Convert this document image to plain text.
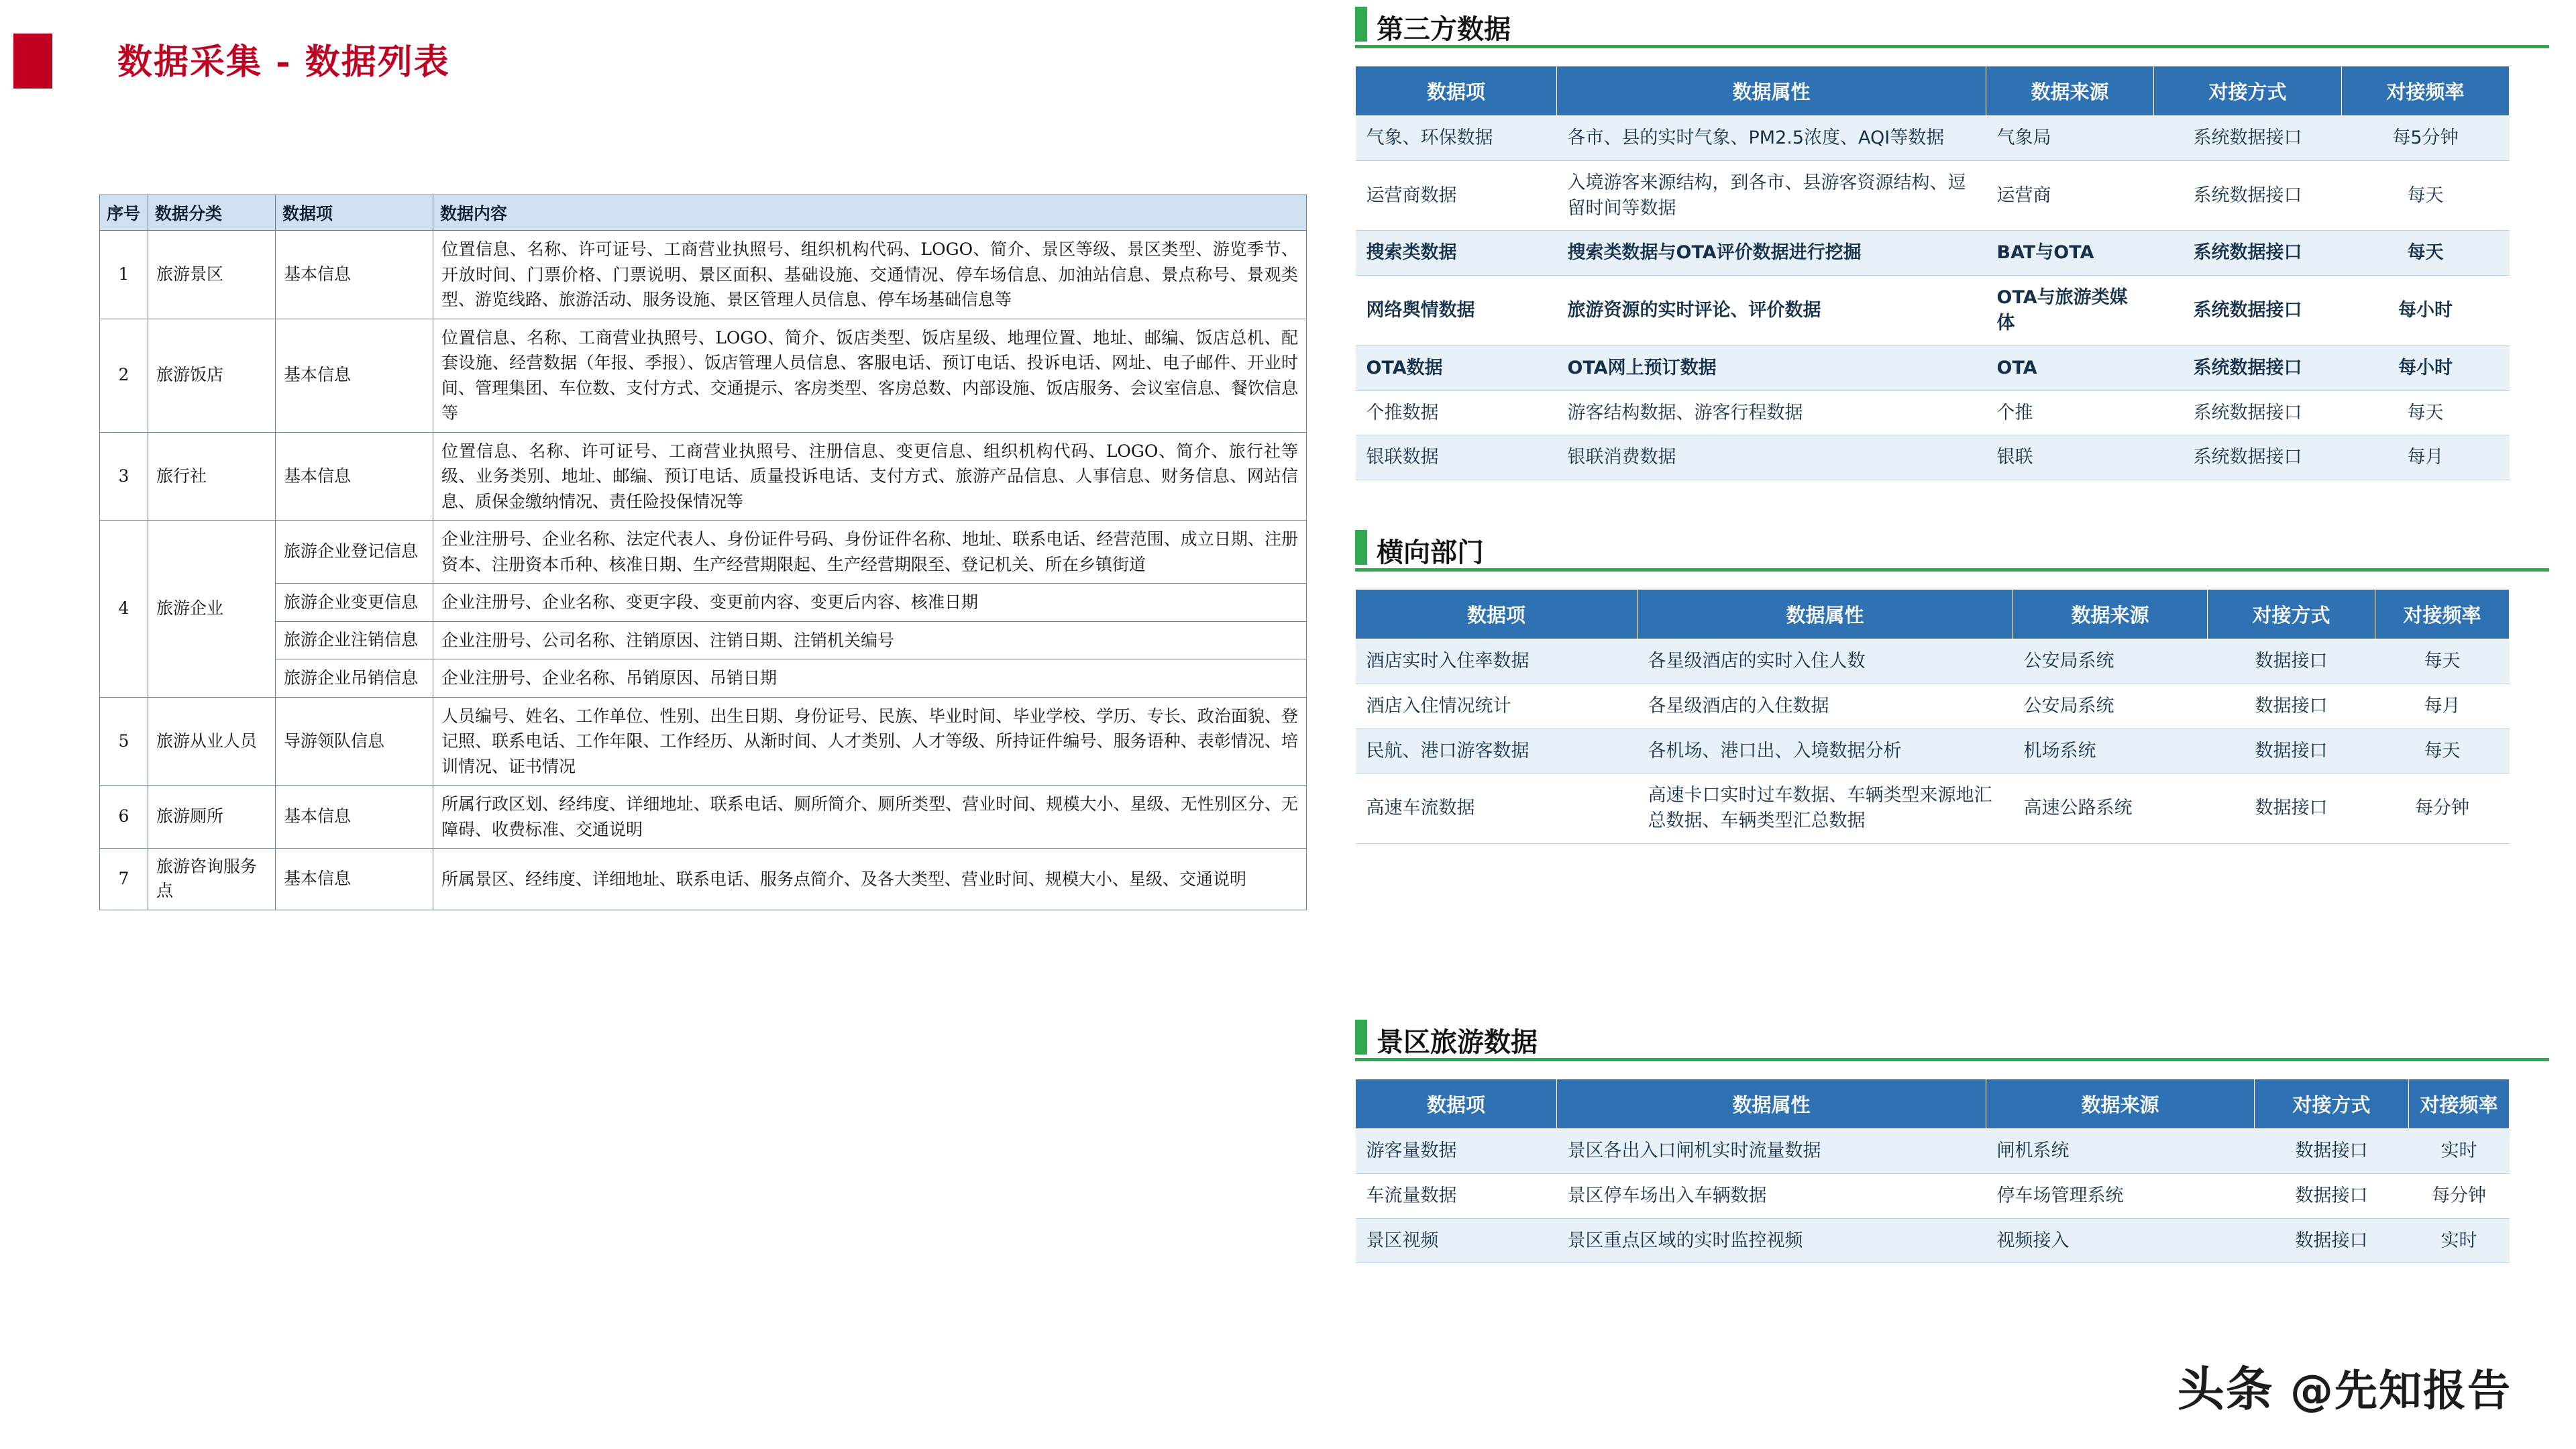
数据采集 - 数据列表
序号	数据分类	数据项	数据内容
1	旅游景区	基本信息	位置信息、名称、许可证号、工商营业执照号、组织机构代码、LOGO、简介、景区等级、景区类型、游览季节、开放时间、门票价格、门票说明、景区面积、基础设施、交通情况、停车场信息、加油站信息、景点称号、景观类型、游览线路、旅游活动、服务设施、景区管理人员信息、停车场基础信息等
2	旅游饭店	基本信息	位置信息、名称、工商营业执照号、LOGO、简介、饭店类型、饭店星级、地理位置、地址、邮编、饭店总机、配套设施、经营数据（年报、季报）、饭店管理人员信息、客服电话、预订电话、投诉电话、网址、电子邮件、开业时间、管理集团、车位数、支付方式、交通提示、客房类型、客房总数、内部设施、饭店服务、会议室信息、餐饮信息等
3	旅行社	基本信息	位置信息、名称、许可证号、工商营业执照号、注册信息、变更信息、组织机构代码、LOGO、简介、旅行社等级、业务类别、地址、邮编、预订电话、质量投诉电话、支付方式、旅游产品信息、人事信息、财务信息、网站信息、质保金缴纳情况、责任险投保情况等
4	旅游企业	旅游企业登记信息	企业注册号、企业名称、法定代表人、身份证件号码、身份证件名称、地址、联系电话、经营范围、成立日期、注册资本、注册资本币种、核准日期、生产经营期限起、生产经营期限至、登记机关、所在乡镇街道
		旅游企业变更信息	企业注册号、企业名称、变更字段、变更前内容、变更后内容、核准日期
		旅游企业注销信息	企业注册号、公司名称、注销原因、注销日期、注销机关编号
		旅游企业吊销信息	企业注册号、企业名称、吊销原因、吊销日期
5	旅游从业人员	导游领队信息	人员编号、姓名、工作单位、性别、出生日期、身份证号、民族、毕业时间、毕业学校、学历、专长、政治面貌、登记照、联系电话、工作年限、工作经历、从渐时间、人才类别、人才等级、所持证件编号、服务语种、表彰情况、培训情况、证书情况
6	旅游厕所	基本信息	所属行政区划、经纬度、详细地址、联系电话、厕所简介、厕所类型、营业时间、规模大小、星级、无性别区分、无障碍、收费标准、交通说明
7	旅游咨询服务点	基本信息	所属景区、经纬度、详细地址、联系电话、服务点简介、及各大类型、营业时间、规模大小、星级、交通说明
第三方数据
数据项	数据属性	数据来源	对接方式	对接频率
气象、环保数据	各市、县的实时气象、PM2.5浓度、AQI等数据	气象局	系统数据接口	每5分钟
运营商数据	入境游客来源结构，到各市、县游客资源结构、逗留时间等数据	运营商	系统数据接口	每天
搜索类数据	搜索类数据与OTA评价数据进行挖掘	BAT与OTA	系统数据接口	每天
网络舆情数据	旅游资源的实时评论、评价数据	OTA与旅游类媒体	系统数据接口	每小时
OTA数据	OTA网上预订数据	OTA	系统数据接口	每小时
个推数据	游客结构数据、游客行程数据	个推	系统数据接口	每天
银联数据	银联消费数据	银联	系统数据接口	每月
横向部门
数据项	数据属性	数据来源	对接方式	对接频率
酒店实时入住率数据	各星级酒店的实时入住人数	公安局系统	数据接口	每天
酒店入住情况统计	各星级酒店的入住数据	公安局系统	数据接口	每月
民航、港口游客数据	各机场、港口出、入境数据分析	机场系统	数据接口	每天
高速车流数据	高速卡口实时过车数据、车辆类型来源地汇总数据、车辆类型汇总数据	高速公路系统	数据接口	每分钟
景区旅游数据
数据项	数据属性	数据来源	对接方式	对接频率
游客量数据	景区各出入口闸机实时流量数据	闸机系统	数据接口	实时
车流量数据	景区停车场出入车辆数据	停车场管理系统	数据接口	每分钟
景区视频	景区重点区域的实时监控视频	视频接入	数据接口	实时
头条 @先知报告
